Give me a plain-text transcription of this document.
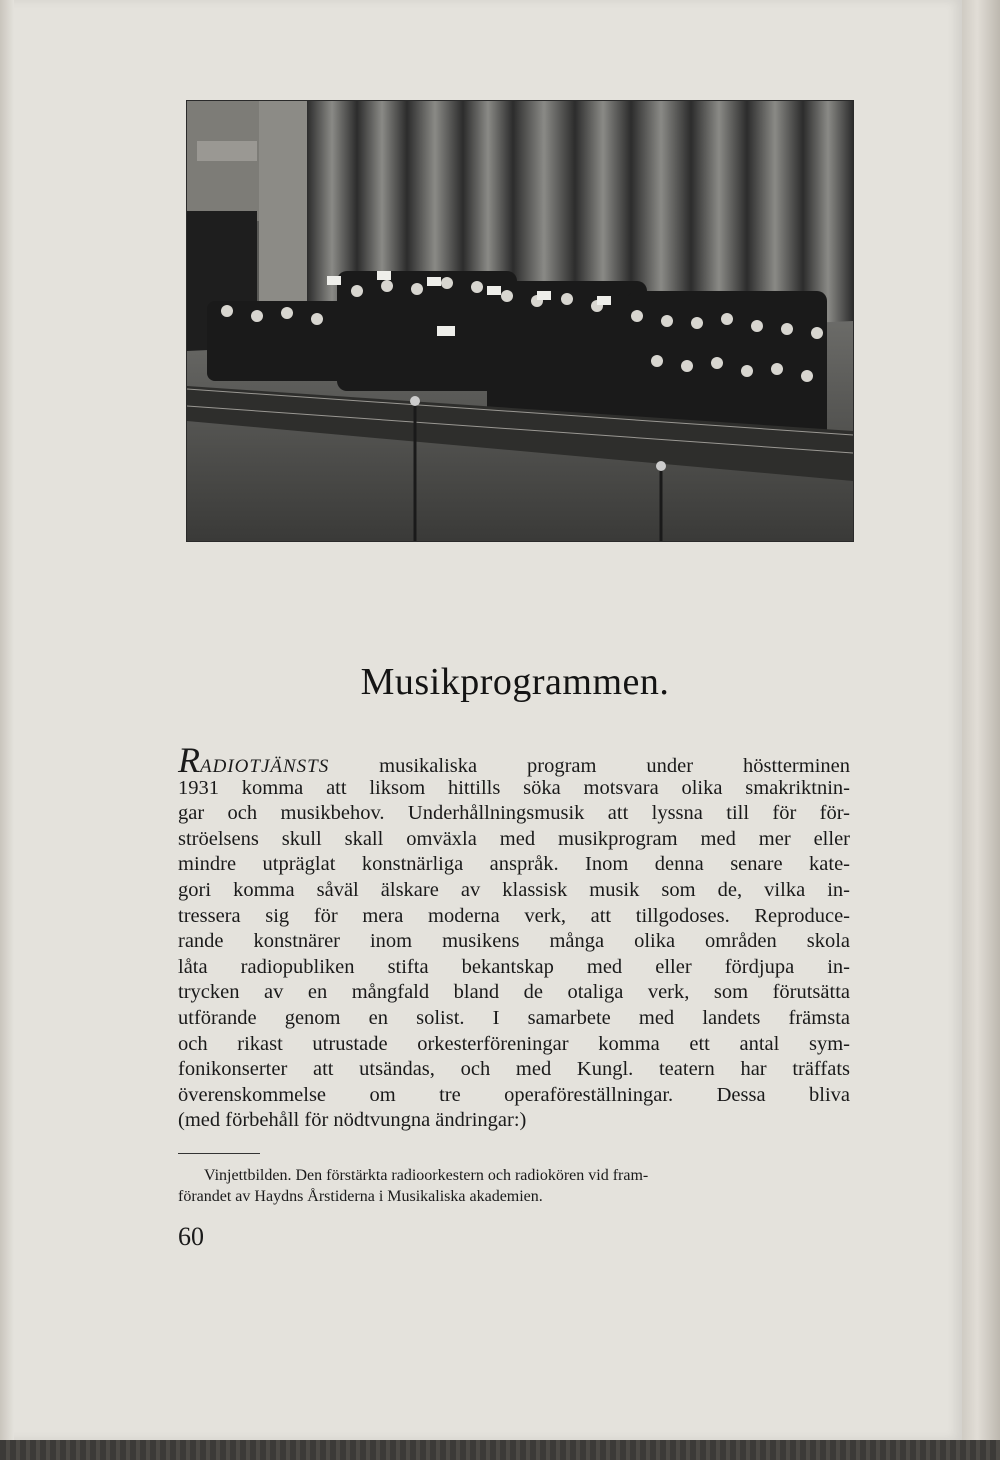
Musikprogrammen.
RADIOTJÄNSTS musikaliska program under höstterminen
1931 komma att liksom hittills söka motsvara olika smakriktnin-
gar och musikbehov. Underhållningsmusik att lyssna till för för-
ströelsens skull skall omväxla med musikprogram med mer eller
mindre utpräglat konstnärliga anspråk. Inom denna senare kate-
gori komma såväl älskare av klassisk musik som de, vilka in-
tressera sig för mera moderna verk, att tillgodoses. Reproduce-
rande konstnärer inom musikens många olika områden skola
låta radiopubliken stifta bekantskap med eller fördjupa in-
trycken av en mångfald bland de otaliga verk, som förutsätta
utförande genom en solist. I samarbete med landets främsta
och rikast utrustade orkesterföreningar komma ett antal sym-
fonikonserter att utsändas, och med Kungl. teatern har träffats
överenskommelse om tre operaföreställningar. Dessa bliva
(med förbehåll för nödtvungna ändringar:)
Vinjettbilden. Den förstärkta radioorkestern och radiokören vid fram-
förandet av Haydns Årstiderna i Musikaliska akademien.
60
